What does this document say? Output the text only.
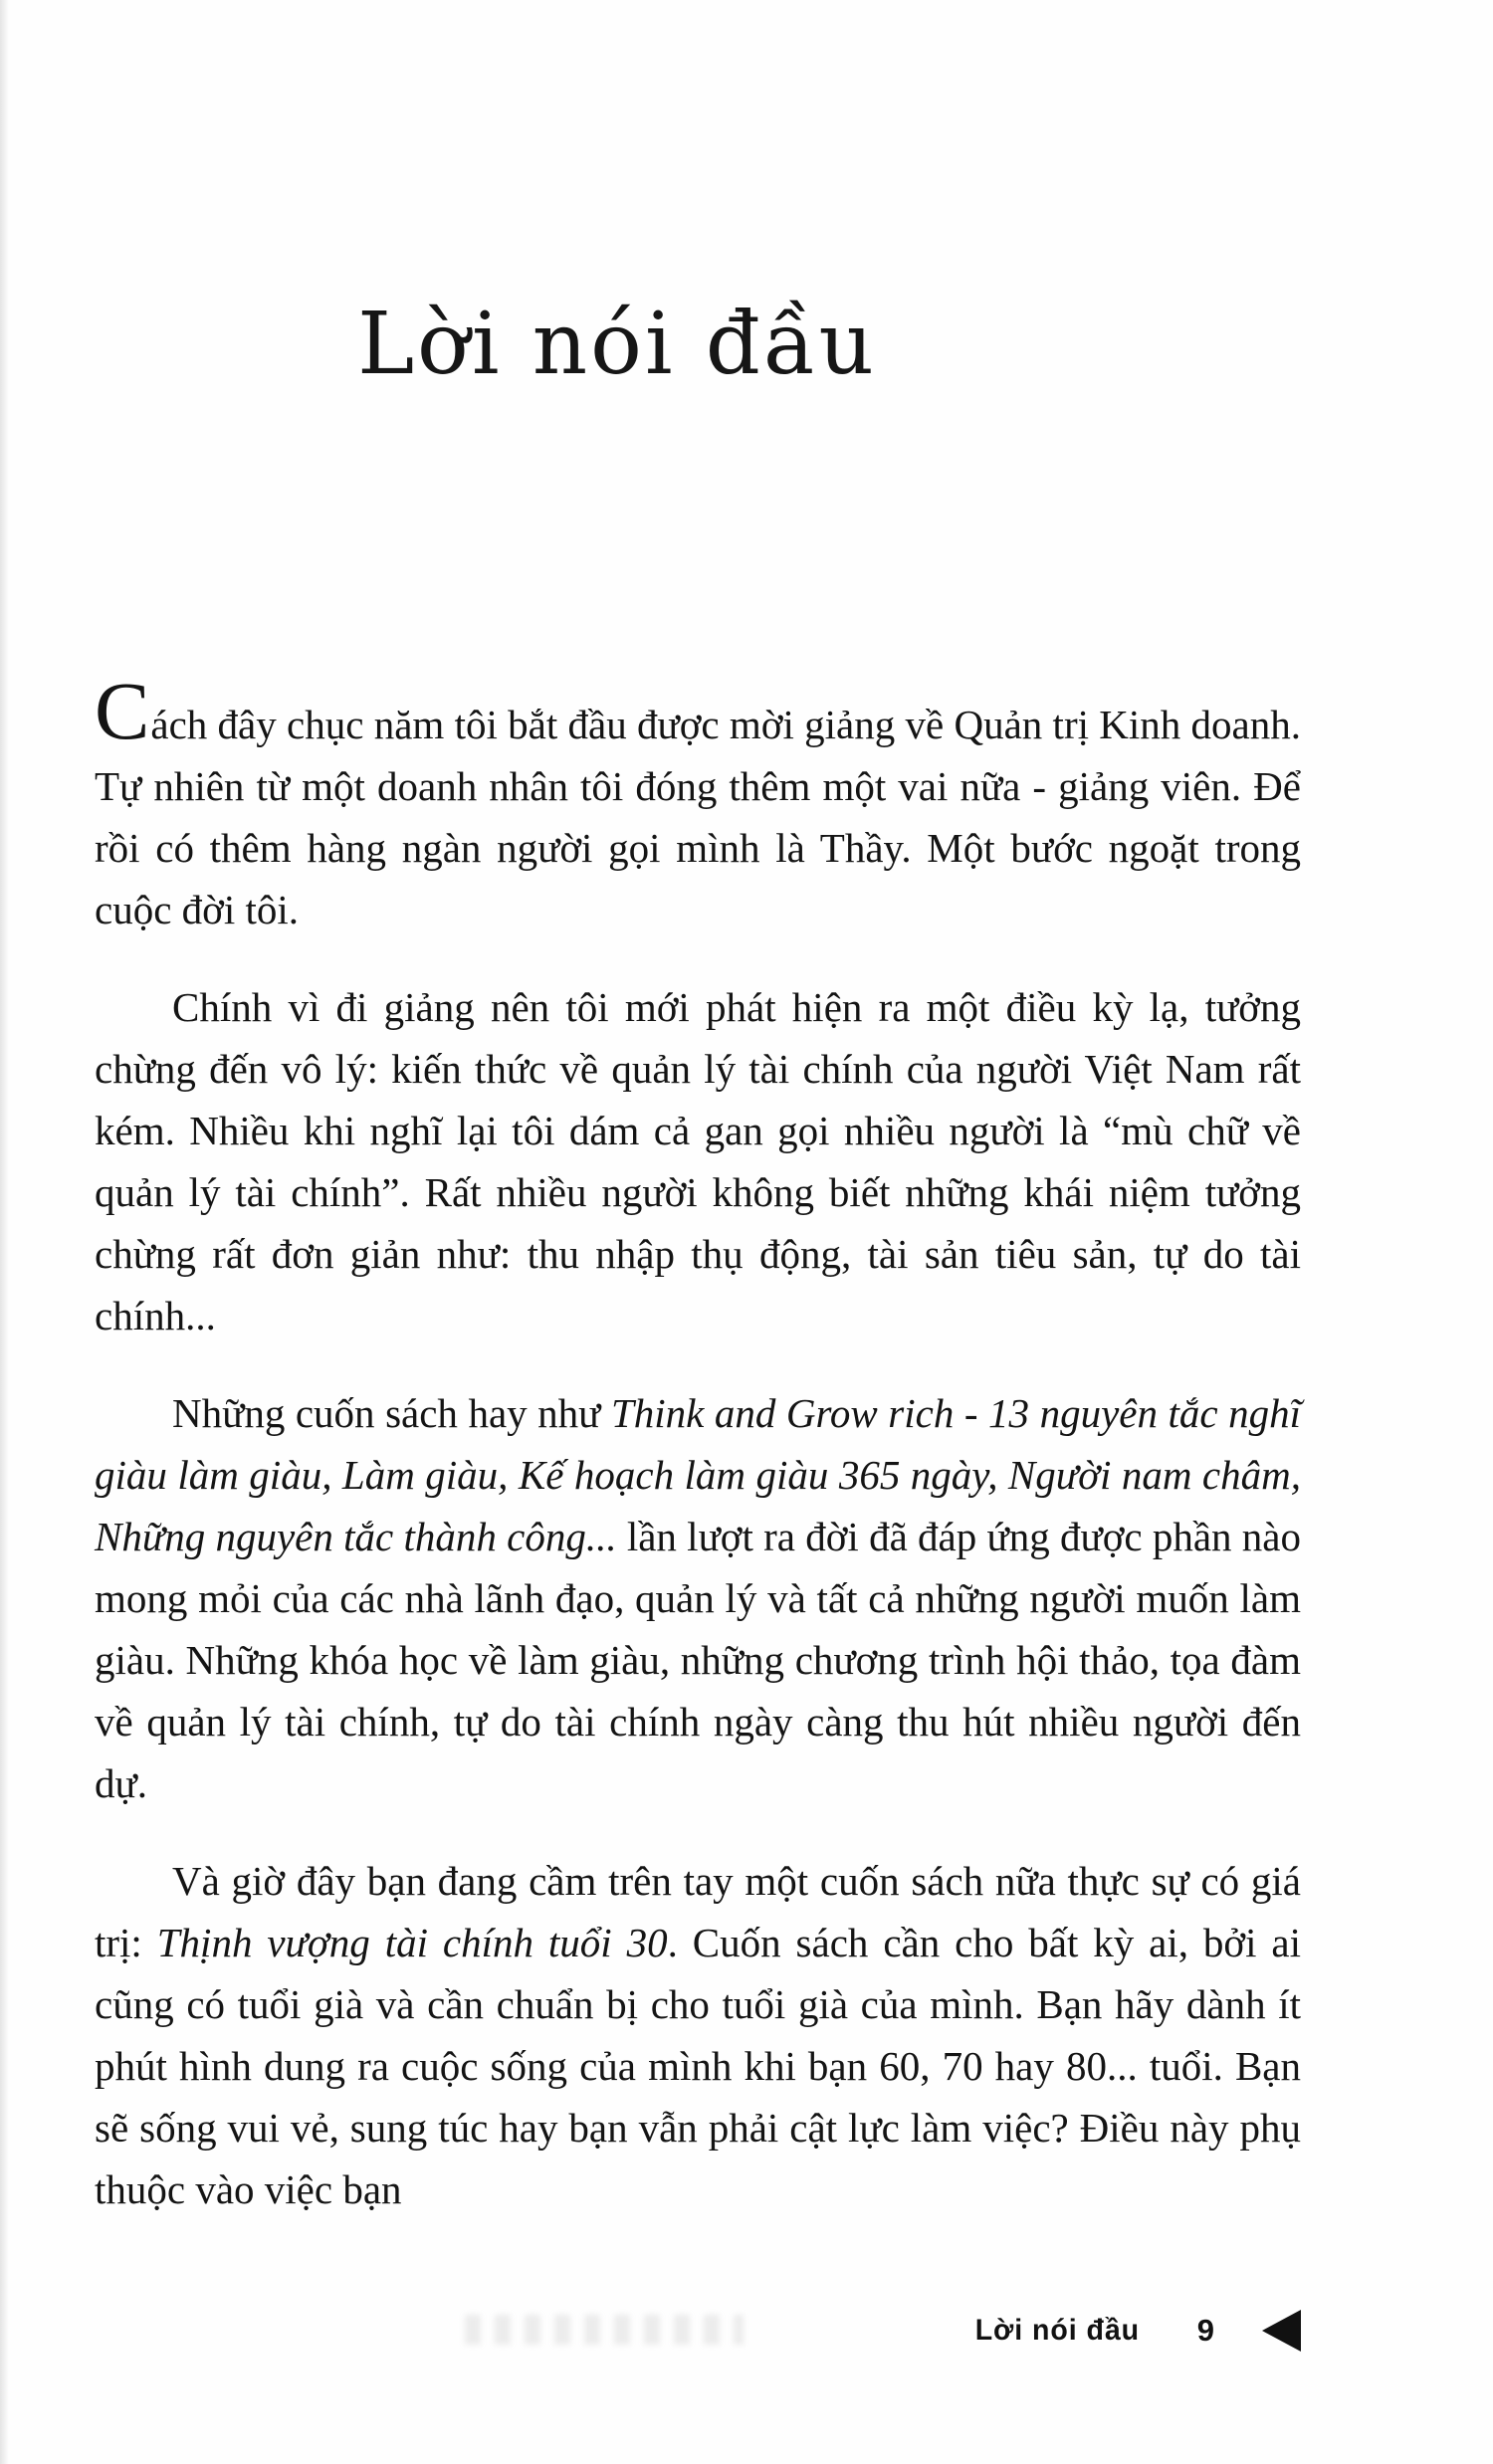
Lời nói đầu

Cách đây chục năm tôi bắt đầu được mời giảng về Quản trị Kinh doanh. Tự nhiên từ một doanh nhân tôi đóng thêm một vai nữa - giảng viên. Để rồi có thêm hàng ngàn người gọi mình là Thầy. Một bước ngoặt trong cuộc đời tôi.

Chính vì đi giảng nên tôi mới phát hiện ra một điều kỳ lạ, tưởng chừng đến vô lý: kiến thức về quản lý tài chính của người Việt Nam rất kém. Nhiều khi nghĩ lại tôi dám cả gan gọi nhiều người là “mù chữ về quản lý tài chính”. Rất nhiều người không biết những khái niệm tưởng chừng rất đơn giản như: thu nhập thụ động, tài sản tiêu sản, tự do tài chính...

Những cuốn sách hay như Think and Grow rich - 13 nguyên tắc nghĩ giàu làm giàu, Làm giàu, Kế hoạch làm giàu 365 ngày, Người nam châm, Những nguyên tắc thành công... lần lượt ra đời đã đáp ứng được phần nào mong mỏi của các nhà lãnh đạo, quản lý và tất cả những người muốn làm giàu. Những khóa học về làm giàu, những chương trình hội thảo, tọa đàm về quản lý tài chính, tự do tài chính ngày càng thu hút nhiều người đến dự.

Và giờ đây bạn đang cầm trên tay một cuốn sách nữa thực sự có giá trị: Thịnh vượng tài chính tuổi 30. Cuốn sách cần cho bất kỳ ai, bởi ai cũng có tuổi già và cần chuẩn bị cho tuổi già của mình. Bạn hãy dành ít phút hình dung ra cuộc sống của mình khi bạn 60, 70 hay 80... tuổi. Bạn sẽ sống vui vẻ, sung túc hay bạn vẫn phải cật lực làm việc? Điều này phụ thuộc vào việc bạn

Lời nói đầu 9
